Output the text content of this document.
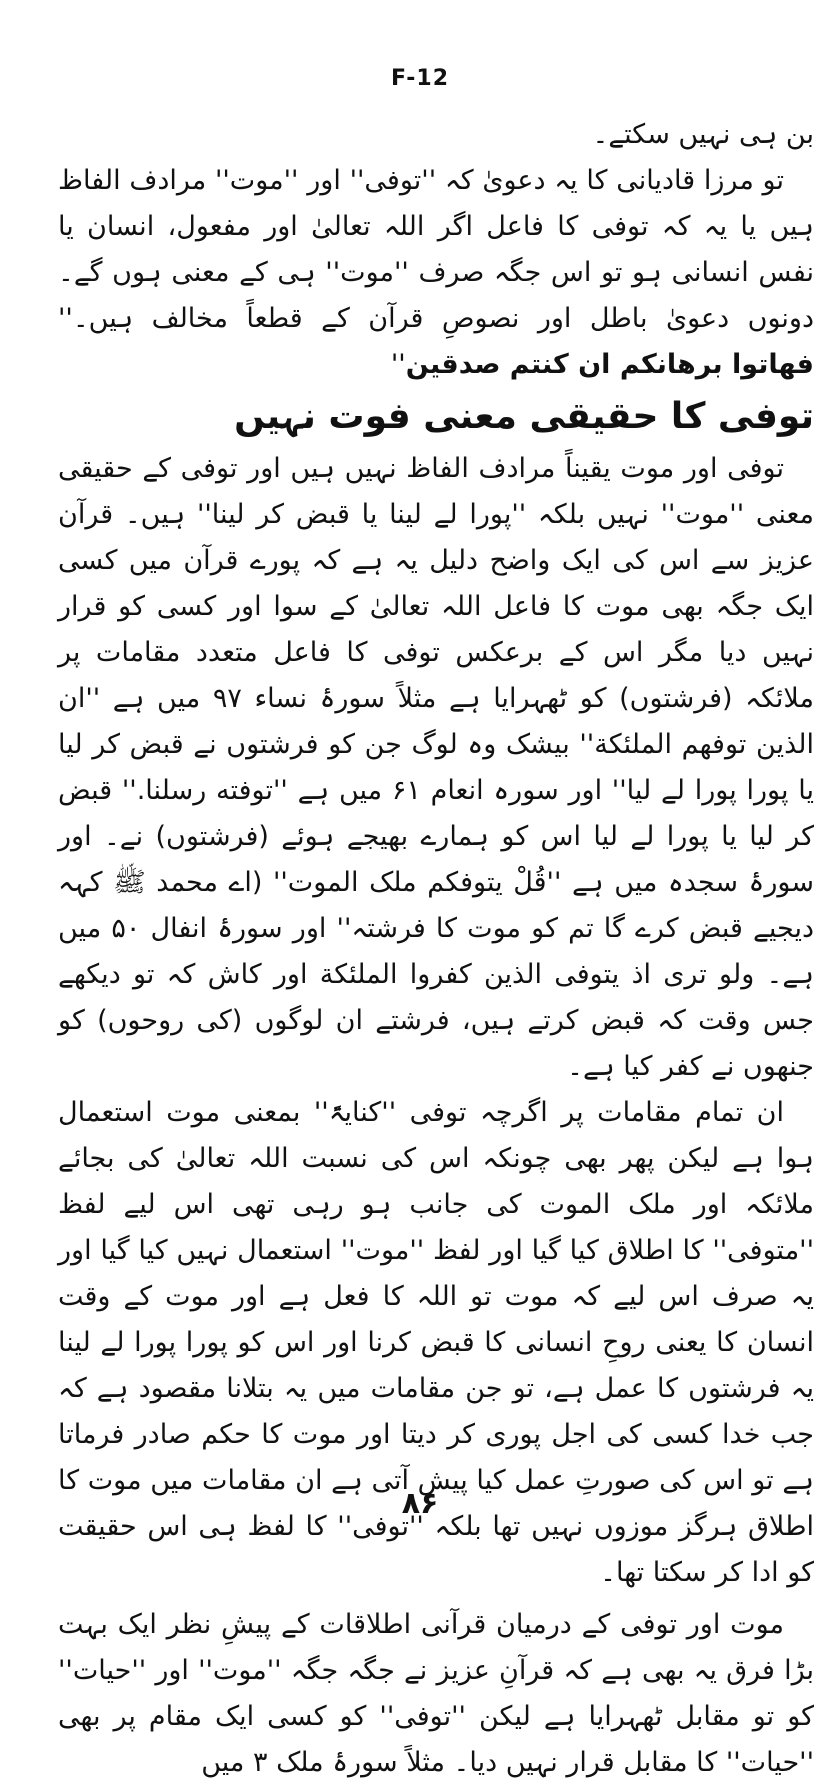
F-12

بن ہی نہیں سکتے۔

تو مرزا قادیانی کا یہ دعویٰ کہ ''توفی'' اور ''موت'' مرادف الفاظ ہیں یا یہ کہ توفی کا فاعل اگر اللہ تعالیٰ اور مفعول، انسان یا نفس انسانی ہو تو اس جگہ صرف ''موت'' ہی کے معنی ہوں گے۔ دونوں دعویٰ باطل اور نصوصِ قرآن کے قطعاً مخالف ہیں۔'' فهاتوا برهانکم ان کنتم صدقین''

توفی کا حقیقی معنی فوت نہیں

توفی اور موت یقیناً مرادف الفاظ نہیں ہیں اور توفی کے حقیقی معنی ''موت'' نہیں بلکہ ''پورا لے لینا یا قبض کر لینا'' ہیں۔ قرآن عزیز سے اس کی ایک واضح دلیل یہ ہے کہ پورے قرآن میں کسی ایک جگہ بھی موت کا فاعل اللہ تعالیٰ کے سوا اور کسی کو قرار نہیں دیا مگر اس کے برعکس توفی کا فاعل متعدد مقامات پر ملائکہ (فرشتوں) کو ٹھہرایا ہے مثلاً سورۂ نساء ۹۷ میں ہے ''ان الذین توفهم الملئکة'' بیشک وہ لوگ جن کو فرشتوں نے قبض کر لیا یا پورا پورا لے لیا'' اور سورہ انعام ۶۱ میں ہے ''توفته رسلنا.'' قبض کر لیا یا پورا لے لیا اس کو ہمارے بھیجے ہوئے (فرشتوں) نے۔ اور سورۂ سجدہ میں ہے ''قُلْ یتوفکم ملک الموت'' (اے محمد ﷺ کہہ دیجیے قبض کرے گا تم کو موت کا فرشتہ'' اور سورۂ انفال ۵۰ میں ہے۔ ولو تری اذ یتوفی الذین کفروا الملئکة اور کاش کہ تو دیکھے جس وقت کہ قبض کرتے ہیں، فرشتے ان لوگوں (کی روحوں) کو جنھوں نے کفر کیا ہے۔

ان تمام مقامات پر اگرچہ توفی ''کنایۃً'' بمعنی موت استعمال ہوا ہے لیکن پھر بھی چونکہ اس کی نسبت اللہ تعالیٰ کی بجائے ملائکہ اور ملک الموت کی جانب ہو رہی تھی اس لیے لفظ ''متوفی'' کا اطلاق کیا گیا اور لفظ ''موت'' استعمال نہیں کیا گیا اور یہ صرف اس لیے کہ موت تو اللہ کا فعل ہے اور موت کے وقت انسان کا یعنی روحِ انسانی کا قبض کرنا اور اس کو پورا پورا لے لینا یہ فرشتوں کا عمل ہے، تو جن مقامات میں یہ بتلانا مقصود ہے کہ جب خدا کسی کی اجل پوری کر دیتا اور موت کا حکم صادر فرماتا ہے تو اس کی صورتِ عمل کیا پیش آتی ہے ان مقامات میں موت کا اطلاق ہرگز موزوں نہیں تھا بلکہ ''توفی'' کا لفظ ہی اس حقیقت کو ادا کر سکتا تھا۔

موت اور توفی کے درمیان قرآنی اطلاقات کے پیشِ نظر ایک بہت بڑا فرق یہ بھی ہے کہ قرآنِ عزیز نے جگہ جگہ ''موت'' اور ''حیات'' کو تو مقابل ٹھہرایا ہے لیکن ''توفی'' کو کسی ایک مقام پر بھی ''حیات'' کا مقابل قرار نہیں دیا۔ مثلاً سورۂ ملک ۳ میں

۸۶
